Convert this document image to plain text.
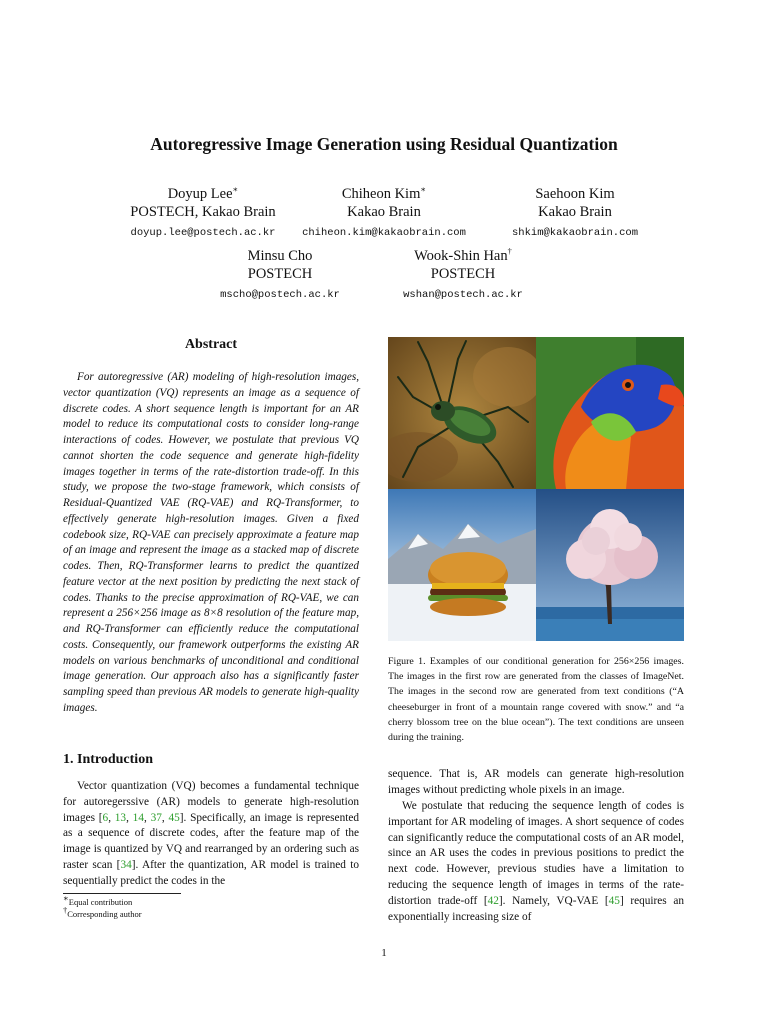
Autoregressive Image Generation using Residual Quantization
Doyup Lee∗
POSTECH, Kakao Brain
doyup.lee@postech.ac.kr
Chiheon Kim∗
Kakao Brain
chiheon.kim@kakaobrain.com
Saehoon Kim
Kakao Brain
shkim@kakaobrain.com
Minsu Cho
POSTECH
mscho@postech.ac.kr
Wook-Shin Han†
POSTECH
wshan@postech.ac.kr
Abstract

For autoregressive (AR) modeling of high-resolution images, vector quantization (VQ) represents an image as a sequence of discrete codes. A short sequence length is important for an AR model to reduce its computational costs to consider long-range interactions of codes. However, we postulate that previous VQ cannot shorten the code sequence and generate high-fidelity images together in terms of the rate-distortion trade-off. In this study, we propose the two-stage framework, which consists of Residual-Quantized VAE (RQ-VAE) and RQ-Transformer, to effectively generate high-resolution images. Given a fixed codebook size, RQ-VAE can precisely approximate a feature map of an image and represent the image as a stacked map of discrete codes. Then, RQ-Transformer learns to predict the quantized feature vector at the next position by predicting the next stack of codes. Thanks to the precise approximation of RQ-VAE, we can represent a 256×256 image as 8×8 resolution of the feature map, and RQ-Transformer can efficiently reduce the computational costs. Consequently, our framework outperforms the existing AR models on various benchmarks of unconditional and conditional image generation. Our approach also has a significantly faster sampling speed than previous AR models to generate high-quality images.

Figure 1. Examples of our conditional generation for 256×256 images. The images in the first row are generated from the classes of ImageNet. The images in the second row are generated from text conditions (“A cheeseburger in front of a mountain range covered with snow.” and “a cherry blossom tree on the blue ocean”). The text conditions are unseen during the training.

1. Introduction

Vector quantization (VQ) becomes a fundamental technique for autoregerssive (AR) models to generate high-resolution images [6, 13, 14, 37, 45]. Specifically, an image is represented as a sequence of discrete codes, after the feature map of the image is quantized by VQ and rearranged by an ordering such as raster scan [34]. After the quantization, AR model is trained to sequentially predict the codes in the

sequence. That is, AR models can generate high-resolution images without predicting whole pixels in an image.

We postulate that reducing the sequence length of codes is important for AR modeling of images. A short sequence of codes can significantly reduce the computational costs of an AR model, since an AR uses the codes in previous positions to predict the next code. However, previous studies have a limitation to reducing the sequence length of images in terms of the rate-distortion trade-off [42]. Namely, VQ-VAE [45] requires an exponentially increasing size of

∗Equal contribution
†Corresponding author
1
